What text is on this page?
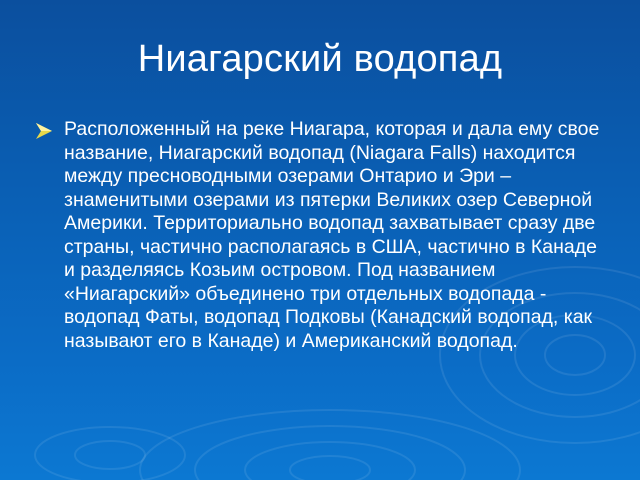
Ниагарский водопад
Расположенный на реке Ниагара, которая и дала ему свое название, Ниагарский водопад (Niagara Falls) находится между пресноводными озерами Онтарио и Эри – знаменитыми озерами из пятерки Великих озер Северной Америки. Территориально водопад захватывает сразу две страны, частично располагаясь в США, частично в Канаде и разделяясь Козьим островом. Под названием «Ниагарский» объединено три отдельных водопада - водопад Фаты, водопад Подковы (Канадский водопад, как называют его в Канаде) и Американский водопад.
